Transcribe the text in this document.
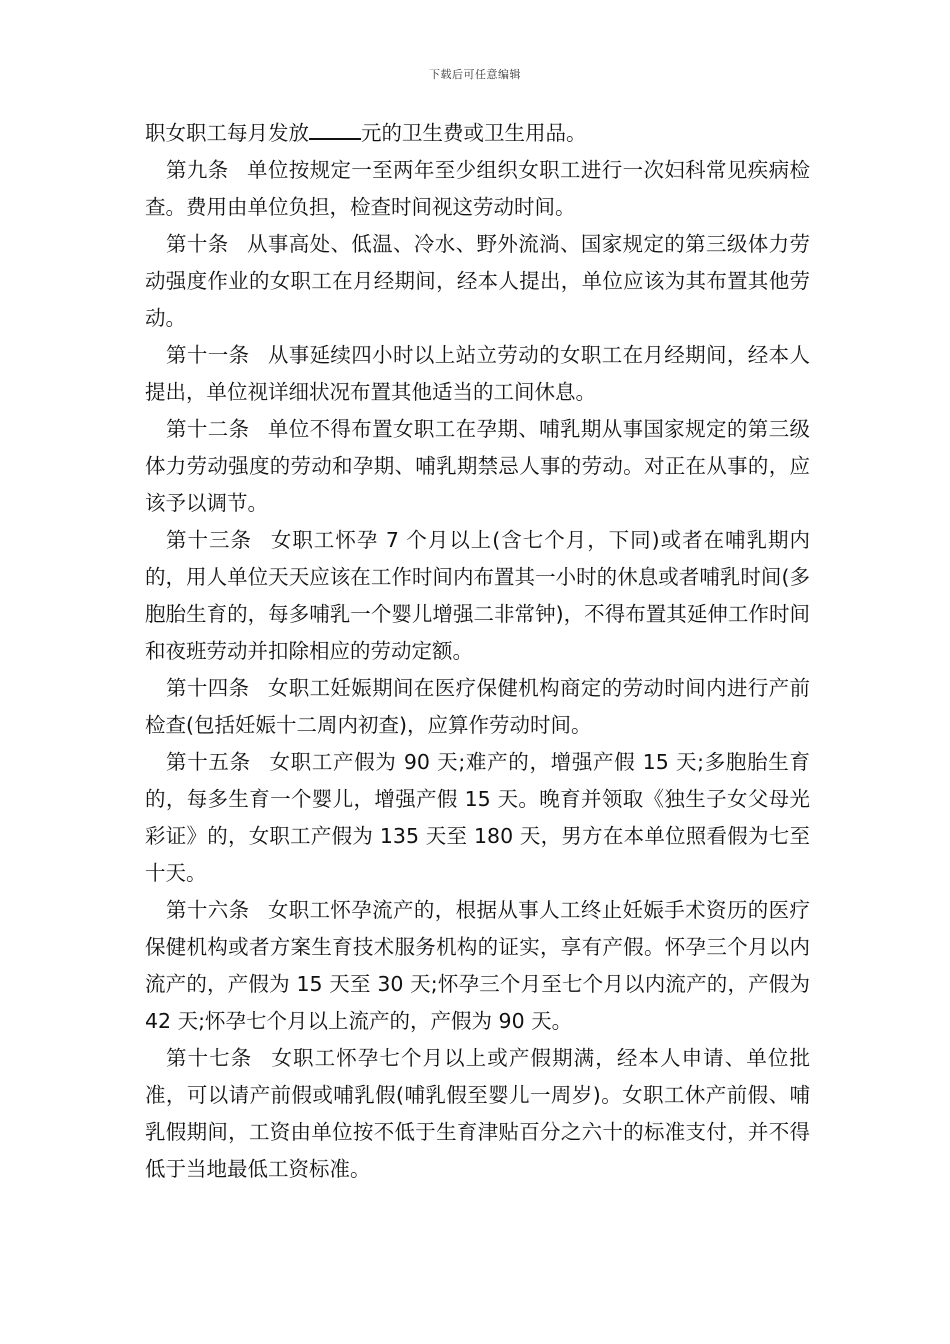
下载后可任意编辑

职女职工每月发放	元的卫生费或卫生用品。

第九条 单位按规定一至两年至少组织女职工进行一次妇科常见疾病检查。费用由单位负担，检查时间视这劳动时间。

第十条 从事高处、低温、冷水、野外流淌、国家规定的第三级体力劳动强度作业的女职工在月经期间，经本人提出，单位应该为其布置其他劳动。

第十一条 从事延续四小时以上站立劳动的女职工在月经期间，经本人提出，单位视详细状况布置其他适当的工间休息。

第十二条 单位不得布置女职工在孕期、哺乳期从事国家规定的第三级体力劳动强度的劳动和孕期、哺乳期禁忌人事的劳动。对正在从事的，应该予以调节。

第十三条 女职工怀孕 7 个月以上(含七个月，下同)或者在哺乳期内的，用人单位天天应该在工作时间内布置其一小时的休息或者哺乳时间(多胞胎生育的，每多哺乳一个婴儿增强二非常钟)，不得布置其延伸工作时间和夜班劳动并扣除相应的劳动定额。

第十四条 女职工妊娠期间在医疗保健机构商定的劳动时间内进行产前检查(包括妊娠十二周内初查)，应算作劳动时间。

第十五条 女职工产假为 90 天;难产的，增强产假 15 天;多胞胎生育的，每多生育一个婴儿，增强产假 15 天。晚育并领取《独生子女父母光彩证》的，女职工产假为 135 天至 180 天，男方在本单位照看假为七至十天。

第十六条 女职工怀孕流产的，根据从事人工终止妊娠手术资历的医疗保健机构或者方案生育技术服务机构的证实，享有产假。怀孕三个月以内流产的，产假为 15 天至 30 天;怀孕三个月至七个月以内流产的，产假为 42 天;怀孕七个月以上流产的，产假为 90 天。

第十七条 女职工怀孕七个月以上或产假期满，经本人申请、单位批准，可以请产前假或哺乳假(哺乳假至婴儿一周岁)。女职工休产前假、哺乳假期间，工资由单位按不低于生育津贴百分之六十的标准支付，并不得低于当地最低工资标准。
